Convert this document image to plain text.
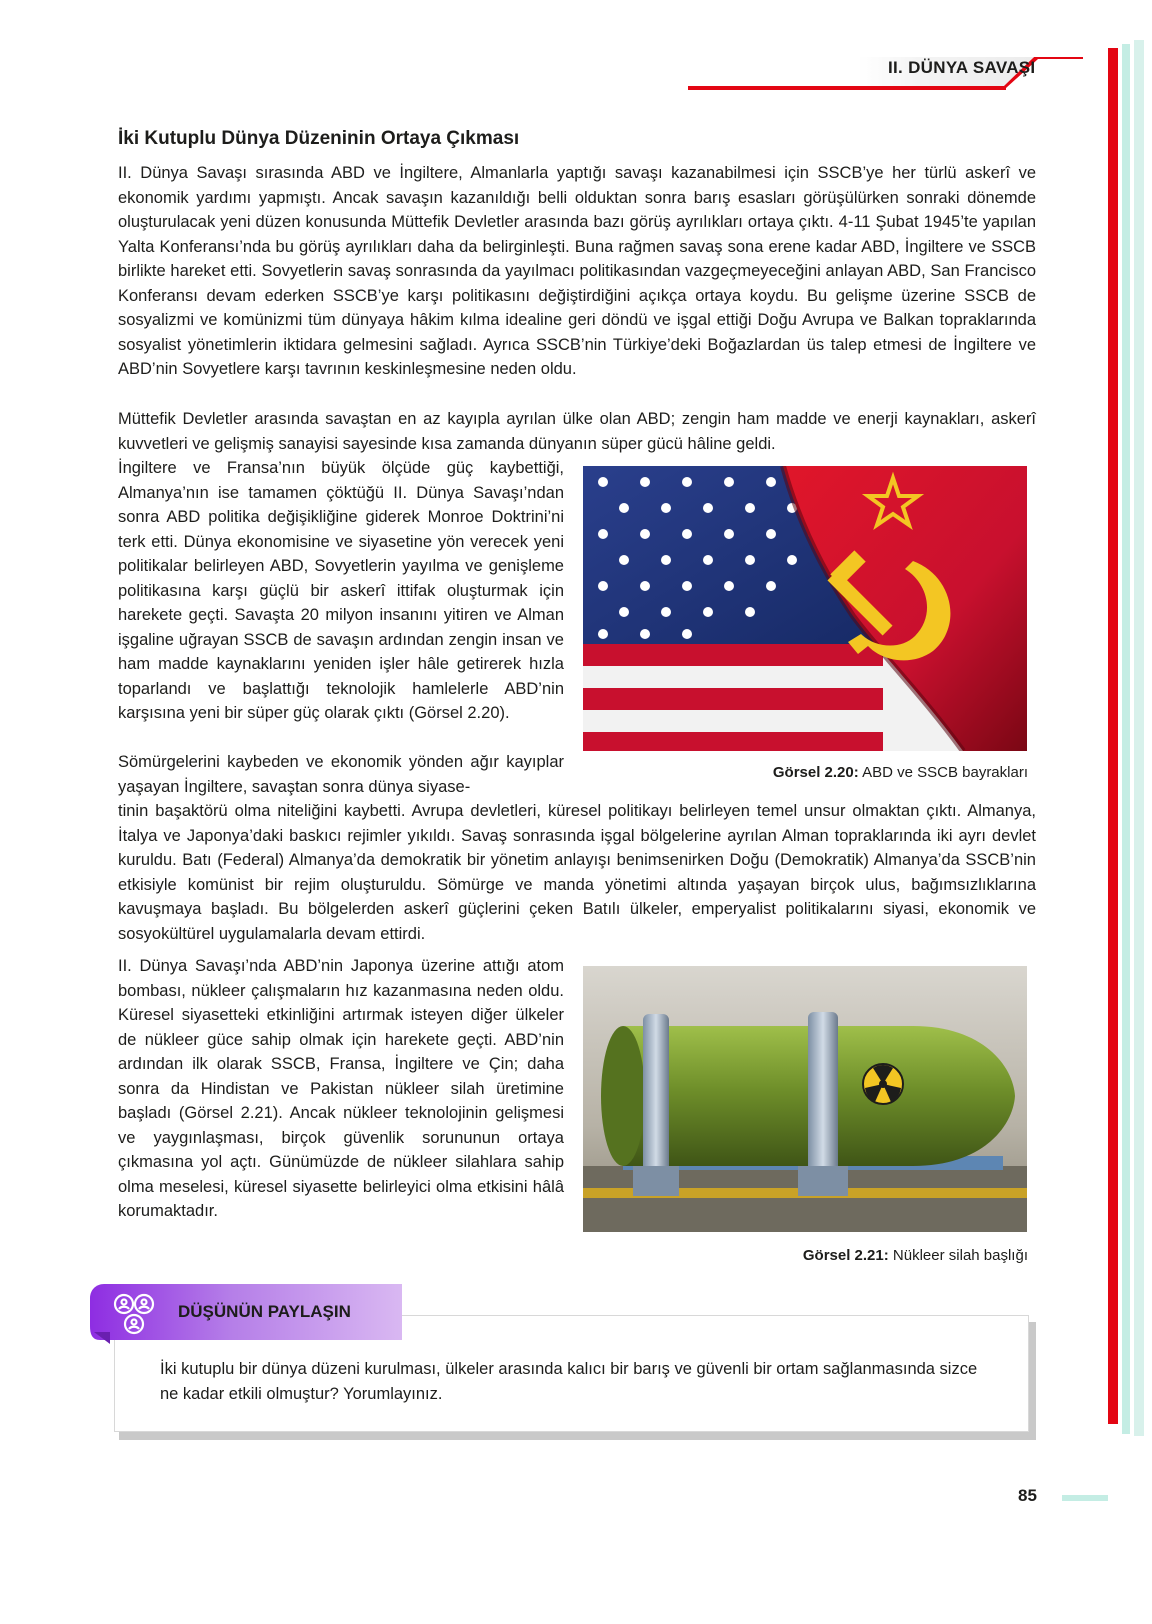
II. DÜNYA SAVAŞI
İki Kutuplu Dünya Düzeninin Ortaya Çıkması

II. Dünya Savaşı sırasında ABD ve İngiltere, Almanlarla yaptığı savaşı kazanabilmesi için SSCB’ye her türlü askerî ve ekonomik yardımı yapmıştı. Ancak savaşın kazanıldığı belli olduktan sonra barış esasları görüşülürken sonraki dönemde oluşturulacak yeni düzen konusunda Müttefik Devletler arasında bazı görüş ayrılıkları ortaya çıktı. 4-11 Şubat 1945’te yapılan Yalta Konferansı’nda bu görüş ayrılıkları daha da belirginleşti. Buna rağmen savaş sona erene kadar ABD, İngiltere ve SSCB birlikte hareket etti. Sovyetlerin savaş sonrasında da yayılmacı politikasından vazgeçmeyeceğini anlayan ABD, San Francisco Konferansı devam ederken SSCB’ye karşı politikasını değiştirdiğini açıkça ortaya koydu. Bu gelişme üzerine SSCB de sosyalizmi ve komünizmi tüm dünyaya hâkim kılma idealine geri döndü ve işgal ettiği Doğu Avrupa ve Balkan topraklarında sosyalist yönetimlerin iktidara gelmesini sağladı. Ayrıca SSCB’nin Türkiye’deki Boğazlardan üs talep etmesi de İngiltere ve ABD’nin Sovyetlere karşı tavrının keskinleşmesine neden oldu.

Müttefik Devletler arasında savaştan en az kayıpla ayrılan ülke olan ABD; zengin ham madde ve enerji kaynakları, askerî kuvvetleri ve gelişmiş sanayisi sayesinde kısa zamanda dünyanın süper gücü hâline geldi.

İngiltere ve Fransa’nın büyük ölçüde güç kaybettiği, Almanya’nın ise tamamen çöktüğü II. Dünya Savaşı’ndan sonra ABD politika değişikliğine giderek Monroe Doktrini’ni terk etti. Dünya ekonomisine ve siyasetine yön verecek yeni politikalar belirleyen ABD, Sovyetlerin yayılma ve genişleme politikasına karşı güçlü bir askerî ittifak oluşturmak için harekete geçti. Savaşta 20 milyon insanını yitiren ve Alman işgaline uğrayan SSCB de savaşın ardından zengin insan ve ham madde kaynaklarını yeniden işler hâle getirerek hızla toparlandı ve başlattığı teknolojik hamlelerle ABD’nin karşısına yeni bir süper güç olarak çıktı (Görsel 2.20).

Sömürgelerini kaybeden ve ekonomik yönden ağır kayıplar yaşayan İngiltere, savaştan sonra dünya siyase-

tinin başaktörü olma niteliğini kaybetti. Avrupa devletleri, küresel politikayı belirleyen temel unsur olmaktan çıktı. Almanya, İtalya ve Japonya’daki baskıcı rejimler yıkıldı. Savaş sonrasında işgal bölgelerine ayrılan Alman topraklarında iki ayrı devlet kuruldu. Batı (Federal) Almanya’da demokratik bir yönetim anlayışı benimsenirken Doğu (Demokratik) Almanya’da SSCB’nin etkisiyle komünist bir rejim oluşturuldu. Sömürge ve manda yönetimi altında yaşayan birçok ulus, bağımsızlıklarına kavuşmaya başladı. Bu bölgelerden askerî güçlerini çeken Batılı ülkeler, emperyalist politikalarını siyasi, ekonomik ve sosyokültürel uygulamalarla devam ettirdi.

II. Dünya Savaşı’nda ABD’nin Japonya üzerine attığı atom bombası, nükleer çalışmaların hız kazanmasına neden oldu. Küresel siyasetteki etkinliğini artırmak isteyen diğer ülkeler de nükleer güce sahip olmak için harekete geçti. ABD’nin ardından ilk olarak SSCB, Fransa, İngiltere ve Çin; daha sonra da Hindistan ve Pakistan nükleer silah üretimine başladı (Görsel 2.21). Ancak nükleer teknolojinin gelişmesi ve yaygınlaşması, birçok güvenlik sorununun ortaya çıkmasına yol açtı. Günümüzde de nükleer silahlara sahip olma meselesi, küresel siyasette belirleyici olma etkisini hâlâ korumaktadır.

Görsel 2.20: ABD ve SSCB bayrakları
Görsel 2.21: Nükleer silah başlığı
DÜŞÜNÜN PAYLAŞIN
İki kutuplu bir dünya düzeni kurulması, ülkeler arasında kalıcı bir barış ve güvenli bir ortam sağlanmasında sizce ne kadar etkili olmuştur? Yorumlayınız.
85
